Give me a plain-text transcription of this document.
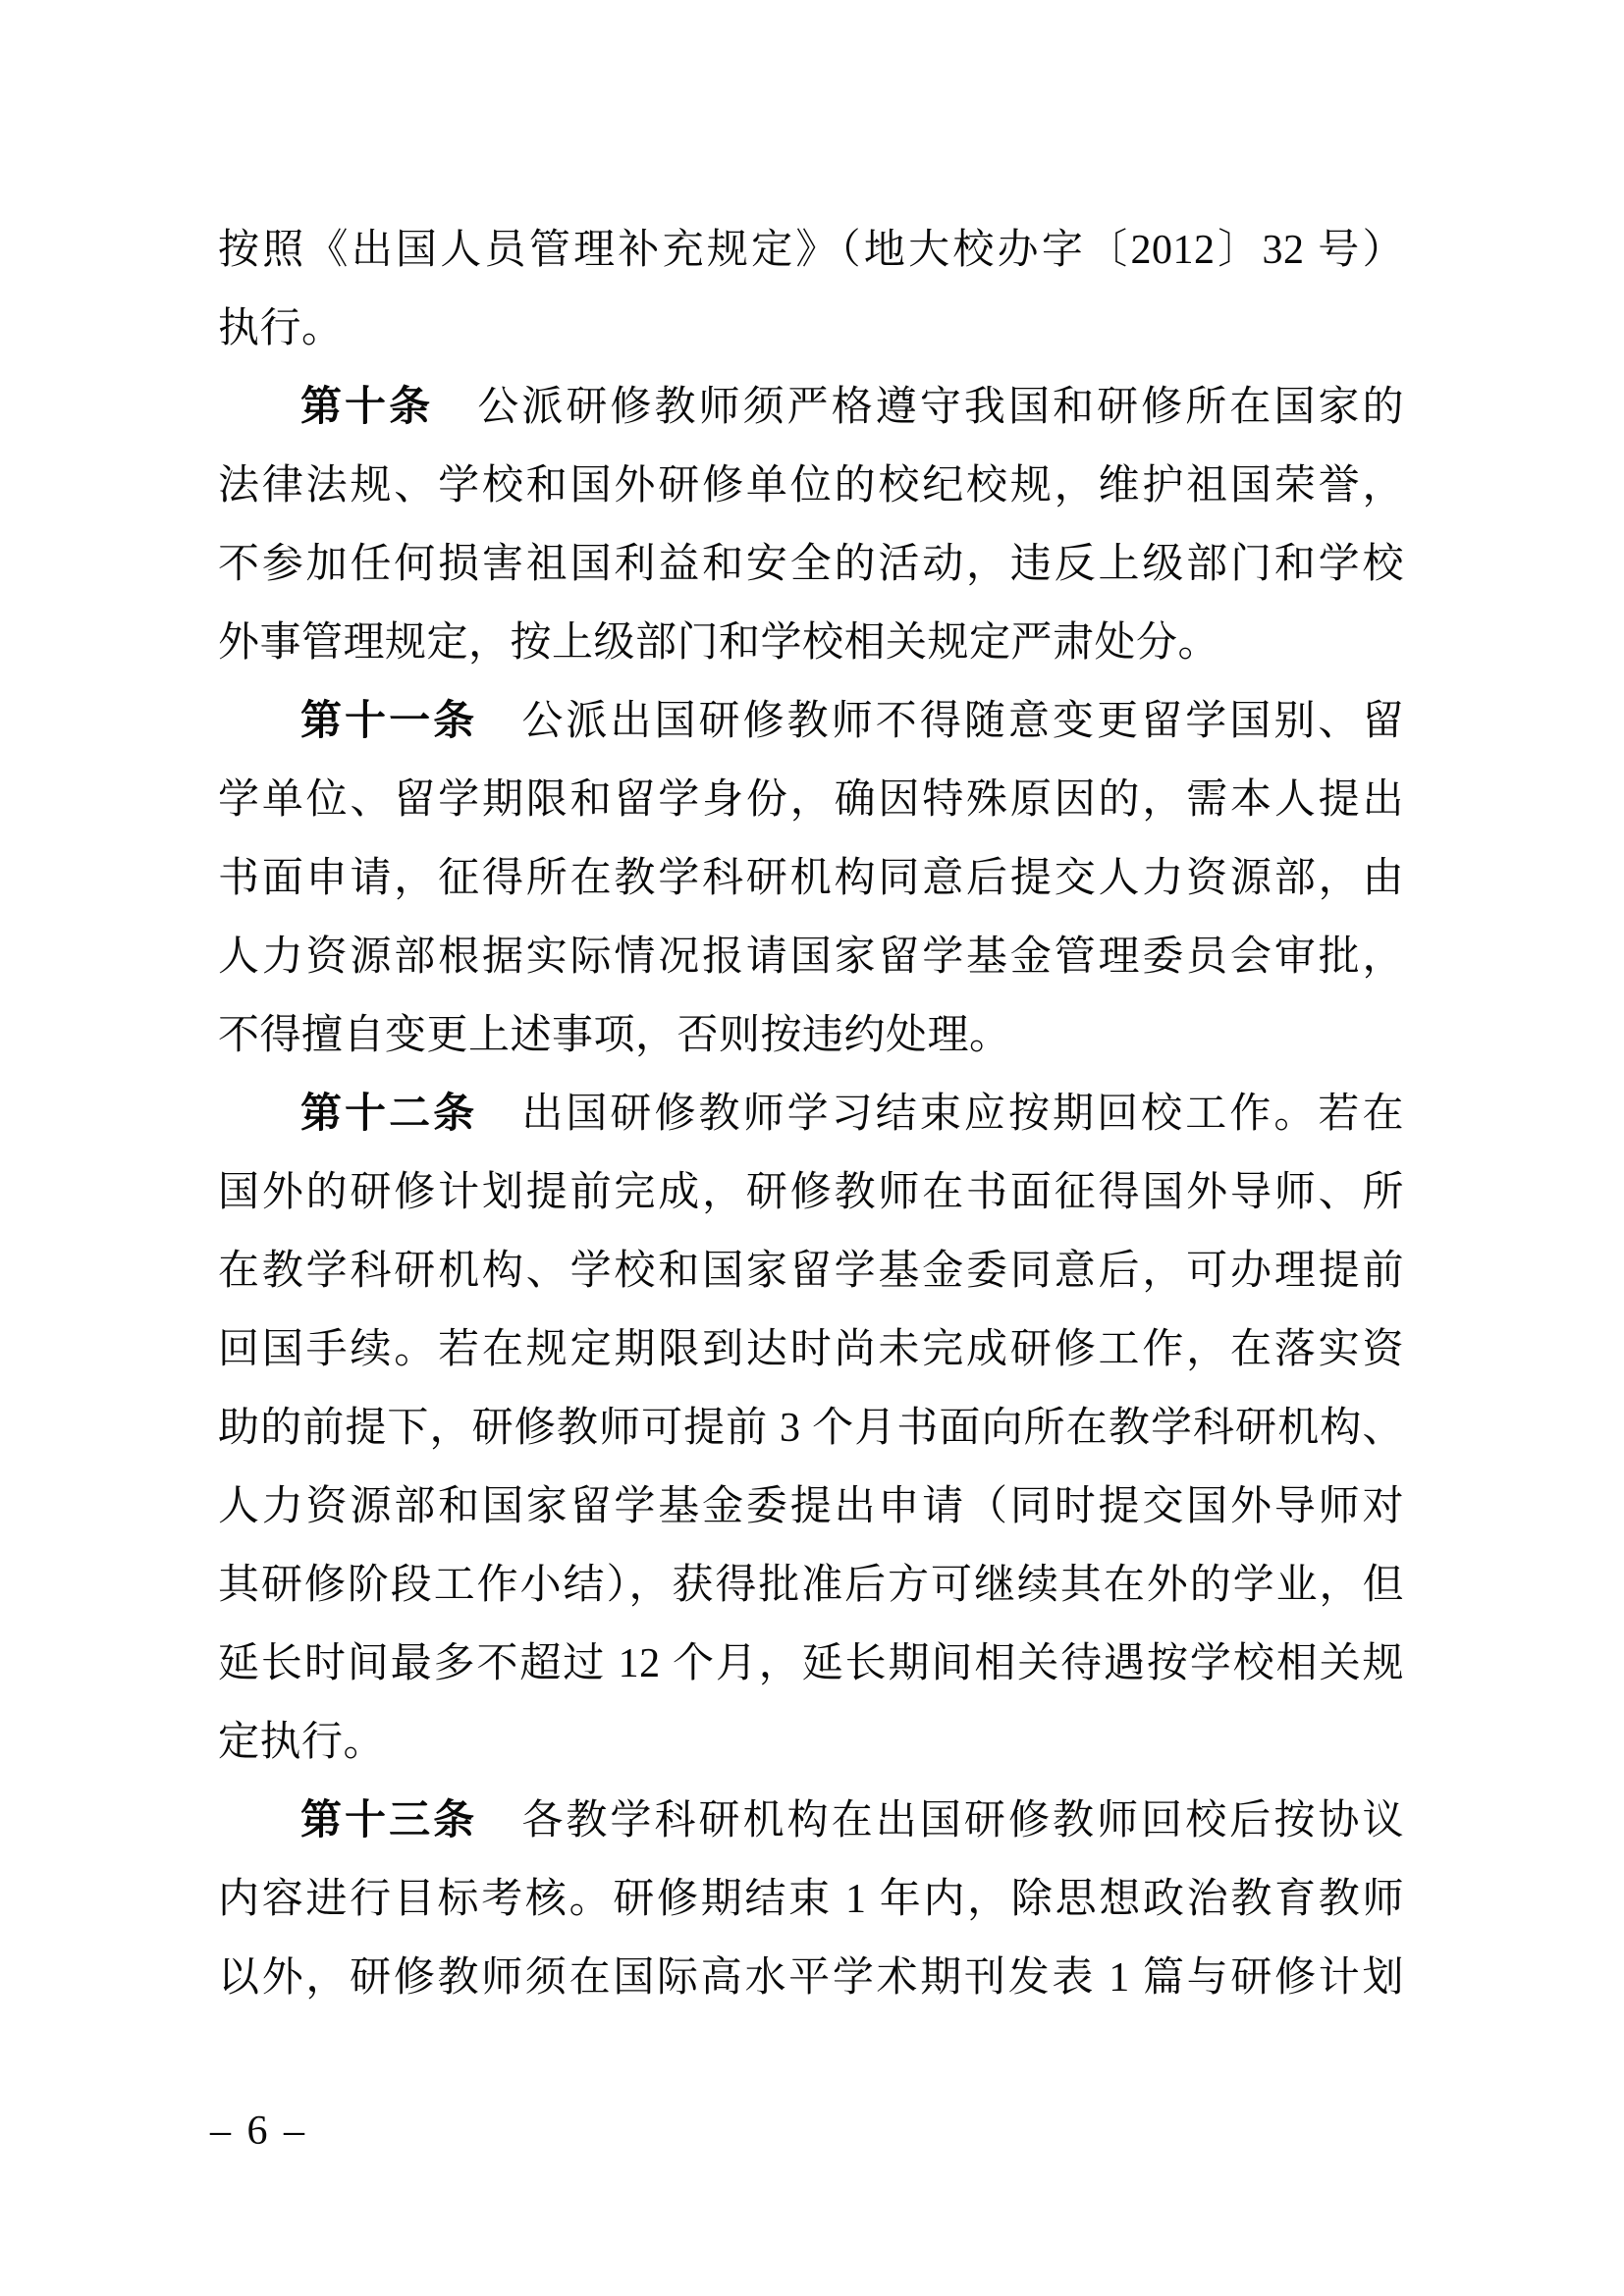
按照《出国人员管理补充规定》（地大校办字〔2012〕32 号）
执行。
第十条　 公派研修教师须严格遵守我国和研修所在国家的
法律法规、学校和国外研修单位的校纪校规，维护祖国荣誉，
不参加任何损害祖国利益和安全的活动，违反上级部门和学校
外事管理规定，按上级部门和学校相关规定严肃处分。
第十一条　 公派出国研修教师不得随意变更留学国别、留
学单位、留学期限和留学身份，确因特殊原因的，需本人提出
书面申请，征得所在教学科研机构同意后提交人力资源部，由
人力资源部根据实际情况报请国家留学基金管理委员会审批，
不得擅自变更上述事项，否则按违约处理。
第十二条　 出国研修教师学习结束应按期回校工作。若在
国外的研修计划提前完成，研修教师在书面征得国外导师、所
在教学科研机构、学校和国家留学基金委同意后，可办理提前
回国手续。若在规定期限到达时尚未完成研修工作，在落实资
助的前提下，研修教师可提前 3 个月书面向所在教学科研机构、
人力资源部和国家留学基金委提出申请（同时提交国外导师对
其研修阶段工作小结），获得批准后方可继续其在外的学业，但
延长时间最多不超过 12 个月，延长期间相关待遇按学校相关规
定执行。
第十三条　 各教学科研机构在出国研修教师回校后按协议
内容进行目标考核。研修期结束 1 年内，除思想政治教育教师
以外，研修教师须在国际高水平学术期刊发表 1 篇与研修计划
– 6 –
